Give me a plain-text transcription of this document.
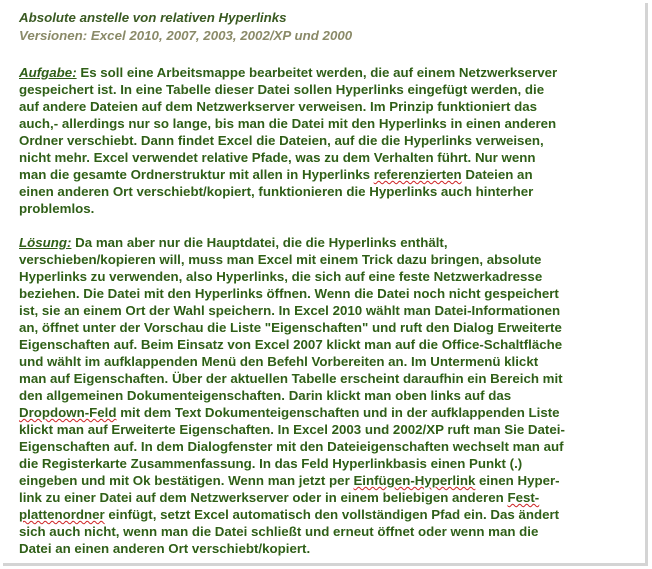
Absolute anstelle von relativen Hyperlinks
Versionen: Excel 2010, 2007, 2003, 2002/XP und 2000
Aufgabe: Es soll eine Arbeitsmappe bearbeitet werden, die auf einem Netzwerkserver
gespeichert ist. In eine Tabelle dieser Datei sollen Hyperlinks eingefügt werden, die
auf andere Dateien auf dem Netzwerkserver verweisen. Im Prinzip funktioniert das
auch,- allerdings nur so lange, bis man die Datei mit den Hyperlinks in einen anderen
Ordner verschiebt. Dann findet Excel die Dateien, auf die die Hyperlinks verweisen,
nicht mehr. Excel verwendet relative Pfade, was zu dem Verhalten führt. Nur wenn
man die gesamte Ordnerstruktur mit allen in Hyperlinks referenzierten Dateien an
einen anderen Ort verschiebt/kopiert, funktionieren die Hyperlinks auch hinterher
problemlos.
Lösung: Da man aber nur die Hauptdatei, die die Hyperlinks enthält,
verschieben/kopieren will, muss man Excel mit einem Trick dazu bringen, absolute
Hyperlinks zu verwenden, also Hyperlinks, die sich auf eine feste Netzwerkadresse
beziehen. Die Datei mit den Hyperlinks öffnen. Wenn die Datei noch nicht gespeichert
ist, sie an einem Ort der Wahl speichern. In Excel 2010 wählt man Datei-Informationen
an, öffnet unter der Vorschau die Liste "Eigenschaften" und ruft den Dialog Erweiterte
Eigenschaften auf. Beim Einsatz von Excel 2007 klickt man auf die Office-Schaltfläche
und wählt im aufklappenden Menü den Befehl Vorbereiten an. Im Untermenü klickt
man auf Eigenschaften. Über der aktuellen Tabelle erscheint daraufhin ein Bereich mit
den allgemeinen Dokumenteigenschaften. Darin klickt man oben links auf das
Dropdown-Feld mit dem Text Dokumenteigenschaften und in der aufklappenden Liste
klickt man auf Erweiterte Eigenschaften. In Excel 2003 und 2002/XP ruft man Sie Datei-
Eigenschaften auf. In dem Dialogfenster mit den Dateieigenschaften wechselt man auf
die Registerkarte Zusammenfassung. In das Feld Hyperlinkbasis einen Punkt (.)
eingeben und mit Ok bestätigen. Wenn man jetzt per Einfügen-Hyperlink einen Hyper-
link zu einer Datei auf dem Netzwerkserver oder in einem beliebigen anderen Fest-
plattenordner einfügt, setzt Excel automatisch den vollständigen Pfad ein. Das ändert
sich auch nicht, wenn man die Datei schließt und erneut öffnet oder wenn man die
Datei an einen anderen Ort verschiebt/kopiert.
